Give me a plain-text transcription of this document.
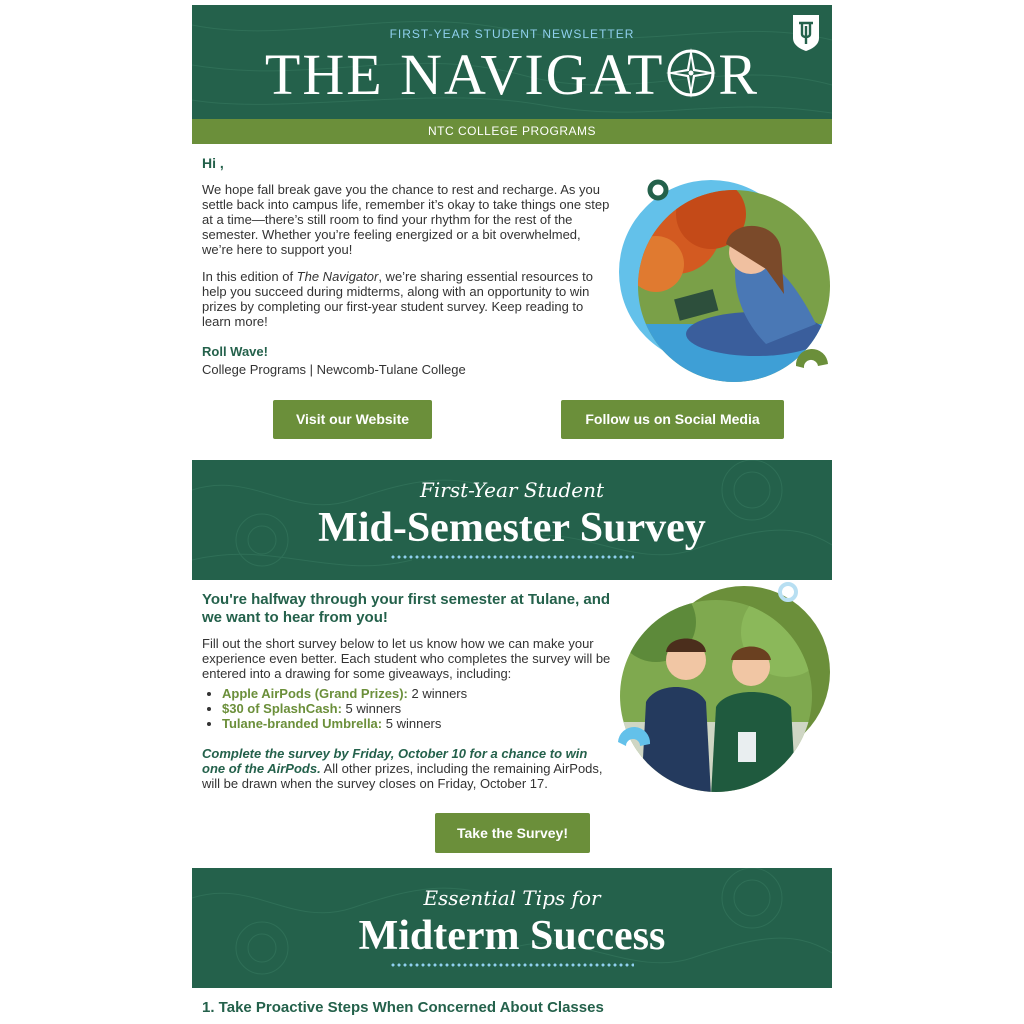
FIRST-YEAR STUDENT NEWSLETTER
THE NAVIGAT R
NTC COLLEGE PROGRAMS
Hi ,

We hope fall break gave you the chance to rest and recharge. As you settle back into campus life, remember it’s okay to take things one step at a time—there’s still room to find your rhythm for the rest of the semester. Whether you’re feeling energized or a bit overwhelmed, we’re here to support you!

In this edition of The Navigator, we’re sharing essential resources to help you succeed during midterms, along with an opportunity to win prizes by completing our first-year student survey. Keep reading to learn more!

Roll Wave!
College Programs | Newcomb-Tulane College
Visit our Website	Follow us on Social Media
First-Year Student
Mid-Semester Survey
You're halfway through your first semester at Tulane, and we want to hear from you!

Fill out the short survey below to let us know how we can make your experience even better. Each student who completes the survey will be entered into a drawing for some giveaways, including:

• Apple AirPods (Grand Prizes): 2 winners
• $30 of SplashCash: 5 winners
• Tulane-branded Umbrella: 5 winners

Complete the survey by Friday, October 10 for a chance to win one of the AirPods. All other prizes, including the remaining AirPods, will be drawn when the survey closes on Friday, October 17.

Take the Survey!
Essential Tips for
Midterm Success
1. Take Proactive Steps When Concerned About Classes
